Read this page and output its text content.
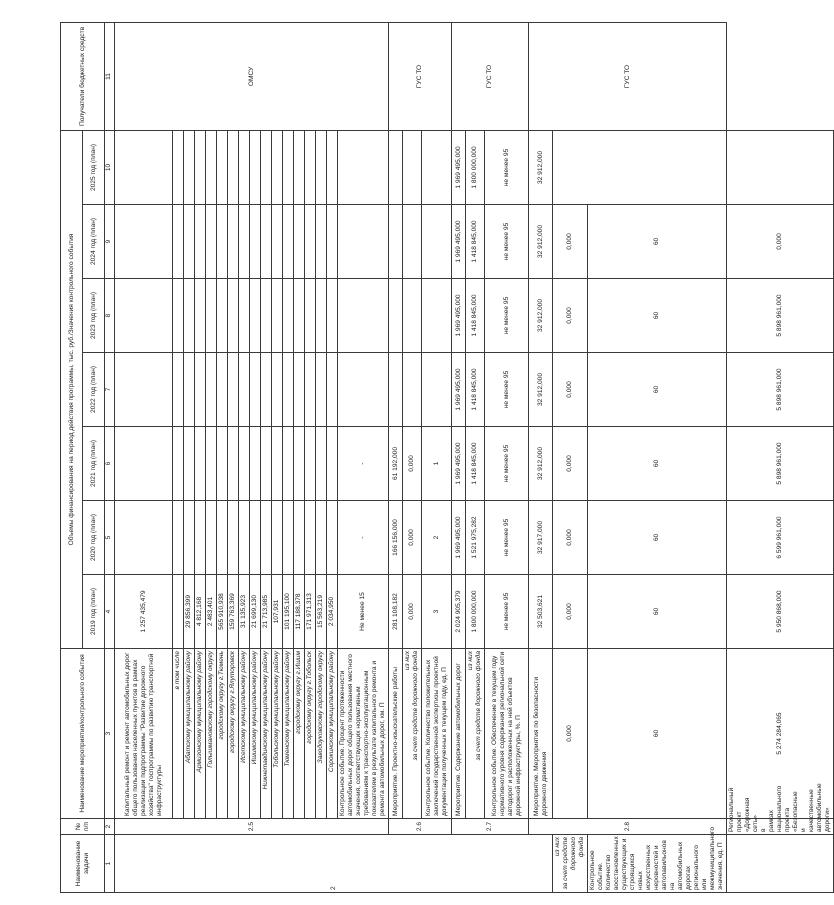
Наименование задачи	№ п/п	Наименование мероприятия/контрольного события	Объемы финансирования на период действия программы, тыс. руб./Значения контрольного события							Получатели бюджетных средств
			2019 год (план)	2020 год (план)	2021 год (план)	2022 год (план)	2023 год (план)	2024 год (план)	2025 год (план)	
1	2	3	4	5	6	7	8	9	10	11
2	2.5	Капитальный ремонт и ремонт автомобильных дорог общего пользования населенных пунктов в рамках реализации подпрограммы "Развитие дорожного хозяйства" госпрограммы по развитию транспортной инфраструктуры	1 257 435,479							ОМСУ
		в том числе								
		Абатскому муниципальному району	29 856,399							
		Армизонскому муниципальному району	4 812,168							
		Голышмановскому городскому округу	2 483,401							
		городскому округу г.Тюмень	565 910,938							
		городскому округу г.Ялуторовск	159 763,369							
		Исетскому муниципальному району	31 135,923							
		Ишимскому муниципальному району	21 699,130							
		Нижнетавдинскому муниципальному району	21 713,985							
		Тобольскому муниципальному району	107,931							
		Тюменскому муниципальному району	101 195,100							
		городскому округу г.Ишим	117 188,378							
		городскому округу г.Тобольск	171 971,313							
		Заводоуковскому городскому округу	15 563,219							
		Сорокинскому муниципальному району	2 034,950							
		Контрольное событие. Процент протяженности автомобильных дорог общего пользования местного значения, соответствующих нормативным требованиям к транспортно-эксплуатационным показателям в результате капитального ремонта и ремонта автомобильных дорог, км. П	Не менее 15	-	-					
	2.6	Мероприятие. Проектно-изыскательские работы	281 108,182	166 156,000	61 192,000					ГУС ТО

		из них за счет средств дорожного фонда	0,000	0,000	0,000					
		Контрольное событие. Количество положительных заключений государственной экспертизы проектной документации полученных в текущем году, ед. П	3	2	1					
	2.7	Мероприятие. Содержание автомобильных дорог	2 024 905,379	1 969 495,000	1 969 495,000	1 969 495,000	1 969 495,000	1 969 495,000	1 969 495,000	ГУС ТО

		из них за счет средств дорожного фонда	1 800 000,000	1 521 975,282	1 418 845,000	1 418 845,000	1 418 845,000	1 418 845,000	1 800 000,000	
		Контрольное событие. Обеспечение в текущем году нормативного уровня содержания региональной сети автодорог и расположенных на ней объектов дорожной инфраструктуры, %. П	не менее 95	не менее 95	не менее 95	не менее 95	не менее 95	не менее 95	не менее 95	
	2.8	Мероприятие. Мероприятия по безопасности дорожного движения	32 503,621	32 917,000	32 912,000	32 912,000	32 912,000	32 912,000	32 912,000	ГУС ТО

из них за счет средств дорожного фонда		0,000	0,000	0,000	0,000	0,000	0,000	0,000		
Контрольное событие. Количество восстановленных существующих и строящихся новых искусственных неровностей и автопавильонов на автомобильных дорогах регионального или межмуниципального значения, ед. П		60	60	60	60	60	60	60		
	Региональный проект «Дорожная сеть» в рамках национального проекта «Безопасные и качественные автомобильные дороги»	5 274 284,065	5 950 868,000	6 599 961,000	5 898 961,000	5 898 961,000	5 898 961,000	0,000		
